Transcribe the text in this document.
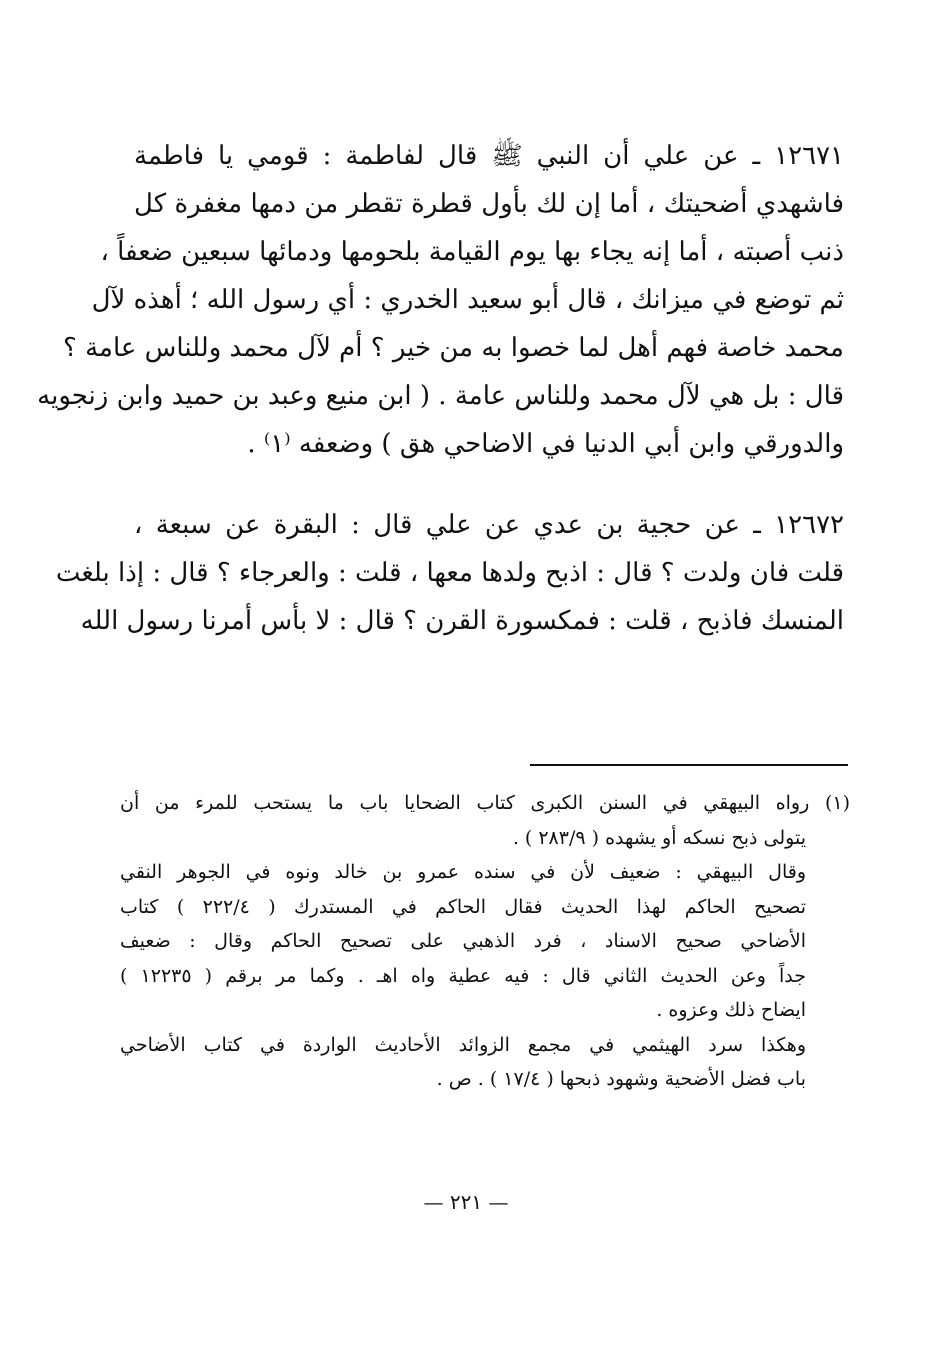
١٢٦٧١ ـ عن علي أن النبي ﷺ قال لفاطمة : قومي يا فاطمة
فاشهدي أضحيتك ، أما إن لك بأول قطرة تقطر من دمها مغفرة كل
ذنب أصبته ، أما إنه يجاء بها يوم القيامة بلحومها ودمائها سبعين ضعفاً ،
ثم توضع في ميزانك ، قال أبو سعيد الخدري : أي رسول الله ؛ أهذه لآل
محمد خاصة فهم أهل لما خصوا به من خير ؟ أم لآل محمد وللناس عامة ؟
قال : بل هي لآل محمد وللناس عامة . ( ابن منيع وعبد بن حميد وابن زنجويه
والدورقي وابن أبي الدنيا في الاضاحي هق ) وضعفه ⁽١⁾ .
١٢٦٧٢ ـ عن حجية بن عدي عن علي قال : البقرة عن سبعة ،
قلت فان ولدت ؟ قال : اذبح ولدها معها ، قلت : والعرجاء ؟ قال : إذا بلغت
المنسك فاذبح ، قلت : فمكسورة القرن ؟ قال : لا بأس أمرنا رسول الله
(١) رواه البيهقي في السنن الكبرى كتاب الضحايا باب ما يستحب للمرء من أن
يتولى ذبح نسكه أو يشهده ( ٢٨٣/٩ ) .
وقال البيهقي : ضعيف لأن في سنده عمرو بن خالد ونوه في الجوهر النقي
تصحيح الحاكم لهذا الحديث فقال الحاكم في المستدرك ( ٢٢٢/٤ ) كتاب
الأضاحي صحيح الاسناد ، فرد الذهبي على تصحيح الحاكم وقال : ضعيف
جداً وعن الحديث الثاني قال : فيه عطية واه اهـ . وكما مر برقم ( ١٢٢٣٥ )
ايضاح ذلك وعزوه .
وهكذا سرد الهيثمي في مجمع الزوائد الأحاديث الواردة في كتاب الأضاحي
باب فضل الأضحية وشهود ذبحها ( ١٧/٤ ) . ص .
— ٢٢١ —
